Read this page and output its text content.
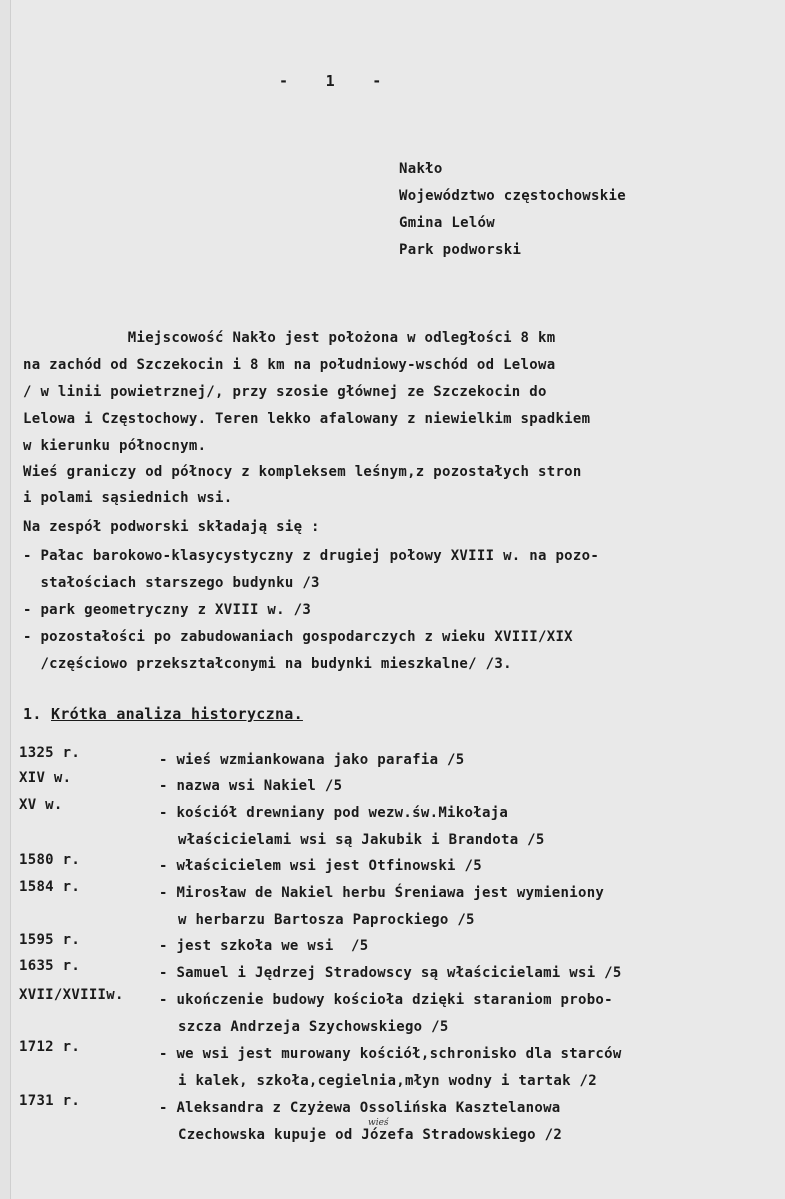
-    1    -
Nakło
Województwo częstochowskie
Gmina Lelów
Park podworski
Miejscowość Nakło jest położona w odległości 8 km
na zachód od Szczekocin i 8 km na południowy-wschód od Lelowa
/ w linii powietrznej/, przy szosie głównej ze Szczekocin do
Lelowa i Częstochowy. Teren lekko afalowany z niewielkim spadkiem
w kierunku północnym.
Wieś graniczy od północy z kompleksem leśnym,z pozostałych stron
i polami sąsiednich wsi.
Na zespół podworski składają się :
- Pałac barokowo-klasycystyczny z drugiej połowy XVIII w. na pozo-
stałościach starszego budynku /3
- park geometryczny z XVIII w. /3
- pozostałości po zabudowaniach gospodarczych z wieku XVIII/XIX
/częściowo przekształconymi na budynki mieszkalne/ /3.
1. Krótka analiza historyczna.
1325 r.	- wieś wzmiankowana jako parafia /5
XIV w.	- nazwa wsi Nakiel /5
XV w.	- kościół drewniany pod wezw.św.Mikołaja
właścicielami wsi są Jakubik i Brandota /5
1580 r.	- właścicielem wsi jest Otfinowski /5
1584 r.	- Mirosław de Nakiel herbu Śreniawa jest wymieniony
w herbarzu Bartosza Paprockiego /5
1595 r.	- jest szkoła we wsi  /5
1635 r.	- Samuel i Jędrzej Stradowscy są właścicielami wsi /5
XVII/XVIIIw.	- ukończenie budowy kościoła dzięki staraniom probo-
szcza Andrzeja Szychowskiego /5
1712 r.	- we wsi jest murowany kościół,schronisko dla starców
i kalek, szkoła,cegielnia,młyn wodny i tartak /2
1731 r.	- Aleksandra z Czyżewa Ossolińska Kasztelanowa
Czechowska kupuje od Józefa Stradowskiego /2
wieś
